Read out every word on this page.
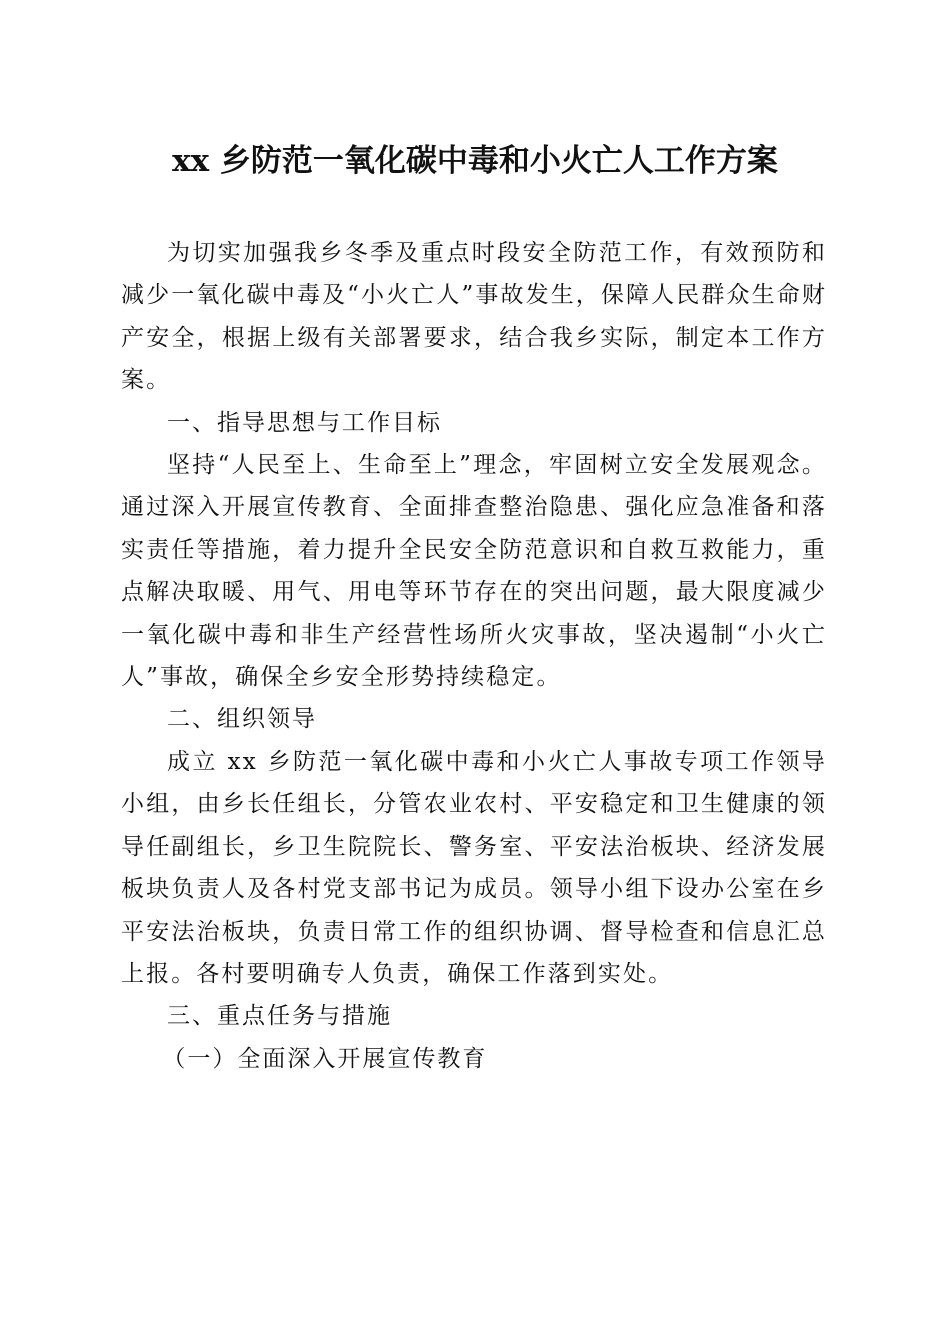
xx 乡防范一氧化碳中毒和小火亡人工作方案

为切实加强我乡冬季及重点时段安全防范工作，有效预防和减少一氧化碳中毒及“小火亡人”事故发生，保障人民群众生命财产安全，根据上级有关部署要求，结合我乡实际，制定本工作方案。

一、指导思想与工作目标

坚持“人民至上、生命至上”理念，牢固树立安全发展观念。通过深入开展宣传教育、全面排查整治隐患、强化应急准备和落实责任等措施，着力提升全民安全防范意识和自救互救能力，重点解决取暖、用气、用电等环节存在的突出问题，最大限度减少一氧化碳中毒和非生产经营性场所火灾事故，坚决遏制“小火亡人”事故，确保全乡安全形势持续稳定。

二、组织领导

成立 xx 乡防范一氧化碳中毒和小火亡人事故专项工作领导小组，由乡长任组长，分管农业农村、平安稳定和卫生健康的领导任副组长，乡卫生院院长、警务室、平安法治板块、经济发展板块负责人及各村党支部书记为成员。领导小组下设办公室在乡平安法治板块，负责日常工作的组织协调、督导检查和信息汇总上报。各村要明确专人负责，确保工作落到实处。

三、重点任务与措施
（一）全面深入开展宣传教育
